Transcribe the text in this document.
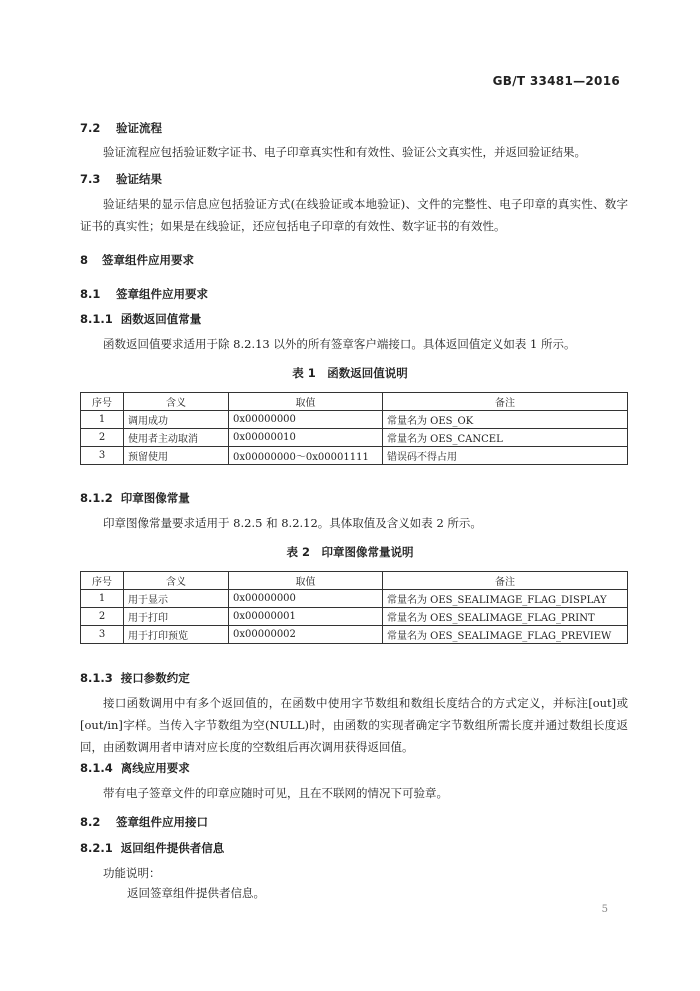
GB/T 33481—2016
7.2 验证流程
验证流程应包括验证数字证书、电子印章真实性和有效性、验证公文真实性，并返回验证结果。
7.3 验证结果
验证结果的显示信息应包括验证方式(在线验证或本地验证)、文件的完整性、电子印章的真实性、数字证书的真实性；如果是在线验证，还应包括电子印章的有效性、数字证书的有效性。
8 签章组件应用要求
8.1 签章组件应用要求
8.1.1 函数返回值常量
函数返回值要求适用于除 8.2.13 以外的所有签章客户端接口。具体返回值定义如表 1 所示。
表 1　函数返回值说明
序号	含义	取值	备注
1	调用成功	0x00000000	常量名为 OES_OK
2	使用者主动取消	0x00000010	常量名为 OES_CANCEL
3	预留使用	0x00000000～0x00001111	错误码不得占用
8.1.2 印章图像常量
印章图像常量要求适用于 8.2.5 和 8.2.12。具体取值及含义如表 2 所示。
表 2　印章图像常量说明
序号	含义	取值	备注
1	用于显示	0x00000000	常量名为 OES_SEALIMAGE_FLAG_DISPLAY
2	用于打印	0x00000001	常量名为 OES_SEALIMAGE_FLAG_PRINT
3	用于打印预览	0x00000002	常量名为 OES_SEALIMAGE_FLAG_PREVIEW
8.1.3 接口参数约定
接口函数调用中有多个返回值的，在函数中使用字节数组和数组长度结合的方式定义，并标注[out]或[out/in]字样。当传入字节数组为空(NULL)时，由函数的实现者确定字节数组所需长度并通过数组长度返回，由函数调用者申请对应长度的空数组后再次调用获得返回值。
8.1.4 离线应用要求
带有电子签章文件的印章应随时可见，且在不联网的情况下可验章。
8.2 签章组件应用接口
8.2.1 返回组件提供者信息
功能说明：
返回签章组件提供者信息。
5
